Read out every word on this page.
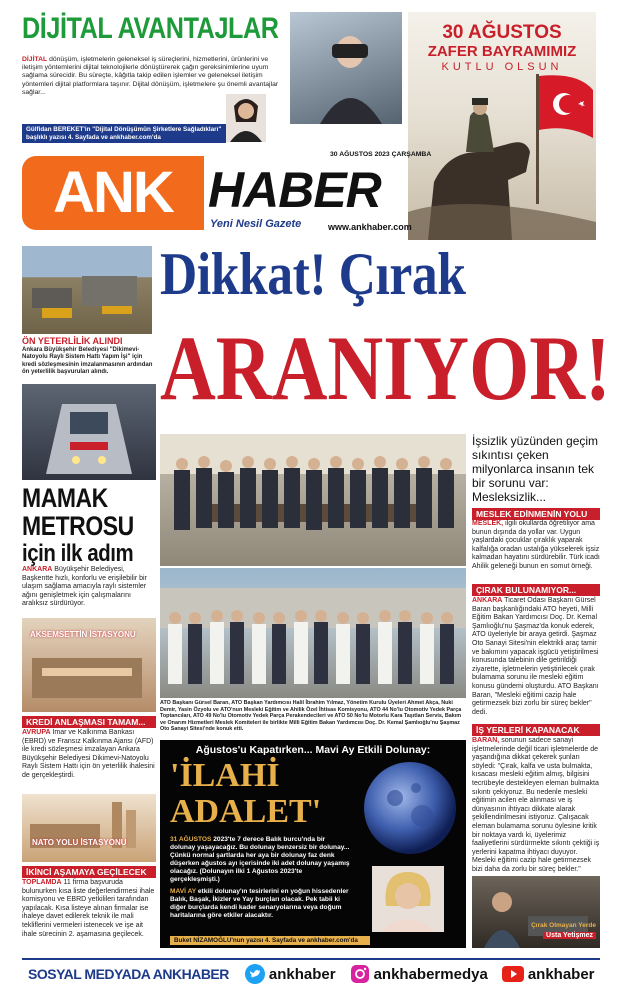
DİJİTAL AVANTAJLAR
DİJİTAL dönüşüm, işletmelerin geleneksel iş süreçlerini, hizmetlerini, ürünlerini ve iletişim yöntemlerini dijital teknolojilerle dönüştürerek çağın gereksinimlerine uyum sağlama sürecidir. Bu süreçte, kâğıtla takip edilen işlemler ve geleneksel iletişim yöntemleri dijital platformlara taşınır. Dijital dönüşüm, işletmelere şu önemli avantajlar sağlar...
Gülfidan BEREKET'in "Dijital Dönüşümün Şirketlere Sağladıkları" başlıklı yazısı 4. Sayfada ve ankhaber.com'da
30 AĞUSTOS
ZAFER BAYRAMIMIZ
KUTLU OLSUN
30 AĞUSTOS 2023 ÇARŞAMBA
ANK HABER
Yeni Nesil Gazete	www.ankhaber.com
ÖN YETERLİLİK ALINDI
Ankara Büyükşehir Belediyesi "Dikimevi-Natoyolu Raylı Sistem Hattı Yapım İşi" için kredi sözleşmesinin imzalanmasının ardından ön yeterlilik başvuruları alındı.
MAMAK
METROSU
için ilk adım
ANKARA Büyükşehir Belediyesi, Başkentte hızlı, konforlu ve erişilebilir bir ulaşım sağlama amacıyla raylı sistemler ağını genişletmek için çalışmalarını aralıksız sürdürüyor.
AKSEMSETTİN İSTASYONU
KREDİ ANLAŞMASI TAMAM...
AVRUPA İmar ve Kalkınma Bankası (EBRD) ve Fransız Kalkınma Ajansı (AFD) ile kredi sözleşmesi imzalayan Ankara Büyükşehir Belediyesi Dikimevi-Natoyolu Raylı Sistem Hattı için ön yeterlilik ihalesini de gerçekleştirdi.
NATO YOLU İSTASYONU
İKİNCİ AŞAMAYA GEÇİLECEK
TOPLAMDA 11 firma başvuruda bulunurken kısa liste değerlendirmesi ihale komisyonu ve EBRD yetkilileri tarafından yapılacak. Kısa listeye alınan firmalar ise ihaleye davet edilerek teknik ile mali tekliflerini vermeleri istenecek ve işe ait ihale sürecinin 2. aşamasına geçilecek.
Dikkat! Çırak
ARANIYOR!
ATO Başkanı Gürsel Baran, ATO Başkan Yardımcısı Halil İbrahim Yılmaz, Yönetim Kurulu Üyeleri Ahmet Akça, Nuki Demir, Yasin Özyolu ve ATO'nun Mesleki Eğitim ve Ahilik Özel İhtisas Komisyonu, ATO 44 No'lu Otomotiv Yedek Parça Toptancıları, ATO 49 No'lu Otomotiv Yedek Parça Perakendecileri ve ATO 50 No'lu Motorlu Kara Taşıtları Servis, Bakım ve Onarım Hizmetleri Meslek Komiteleri ile birlikte Milli Eğitim Bakan Yardımcısı Doç. Dr. Kemal Şamlıoğlu'nu Şaşmaz Oto Sanayi Sitesi'nde konuk etti.
Ağustos'u Kapatırken... Mavi Ay Etkili Dolunay:
'İLAHİ
ADALET'
31 AĞUSTOS 2023'te 7 derece Balık burcu'nda bir dolunay yaşayacağız. Bu dolunay benzersiz bir dolunay... Çünkü normal şartlarda her aya bir dolunay faz denk düşerken ağustos ayı içerisinde iki adet dolunay yaşamış olacağız. (Dolunayın ilki 1 Ağustos 2023'te gerçekleşmişti.)
MAVİ AY etkili dolunay'ın tesirlerini en yoğun hissedenler Balık, Başak, İkizler ve Yay burçları olacak. Pek tabii ki diğer burçlarda kendi kader senaryolarına veya doğum haritalarına göre etkiler alacaktır.
Buket NİZAMOĞLU'nun yazısı 4. Sayfada ve ankhaber.com'da
İşsizlik yüzünden geçim sıkıntısı çeken milyonlarca insanın tek bir sorunu var: Mesleksizlik...
MESLEK EDİNMENİN YOLU
MESLEK, ilgili okullarda öğretiliyor ama bunun dışında da yollar var. Uygun yaşlardaki çocuklar çıraklık yaparak kalfalığa oradan ustalığa yükselerek işsiz kalmadan hayatını sürdürebilir. Türk icadı Ahilik geleneği bunun en somut örneği.
ÇIRAK BULUNAMIYOR...
ANKARA Ticaret Odası Başkanı Gürsel Baran başkanlığındaki ATO heyeti, Milli Eğitim Bakan Yardımcısı Doç. Dr. Kemal Şamlıoğlu'nu Şaşmaz'da konuk ederek, ATO üyeleriyle bir araya getirdi. Şaşmaz Oto Sanayi Sitesi'nin elektrikli araç tamir ve bakımını yapacak işgücü yetiştirilmesi konusunda talebinin dile getirildiği ziyarette, işletmelerin yetiştirilecek çırak bulamama sorunu ile mesleki eğitim konusu gündemi oluşturdu. ATO Başkanı Baran, "Mesleki eğitimi cazip hale getirmezsek bizi zorlu bir süreç bekler" dedi.
İŞ YERLERİ KAPANACAK
BARAN, sorunun sadece sanayi işletmelerinde değil ticari işletmelerde de yaşandığına dikkat çekerek şunları söyledi: "Çırak, kalfa ve usta bulmakta, kısacası mesleki eğitim almış, bilgisini tecrübeyle destekleyen eleman bulmakta sıkıntı çekiyoruz. Bu nedenle mesleki eğitimin acilen ele alınması ve iş dünyasının ihtiyacı dikkate alarak şekillendirilmesini istiyoruz. Çalışacak eleman bulamama sorunu öylesine kritik bir noktaya vardı ki, üyelerimiz faaliyetlerini sürdürmekte sıkıntı çektiği iş yerlerini kapatma ihtiyacı duyuyor. Mesleki eğitimi cazip hale getirmezsek bizi daha da zorlu bir süreç bekler."
Çırak Olmayan Yerde
Usta Yetişmez
SOSYAL MEDYADA ANKHABER	ankhaber	ankhabermedya	ankhaber
